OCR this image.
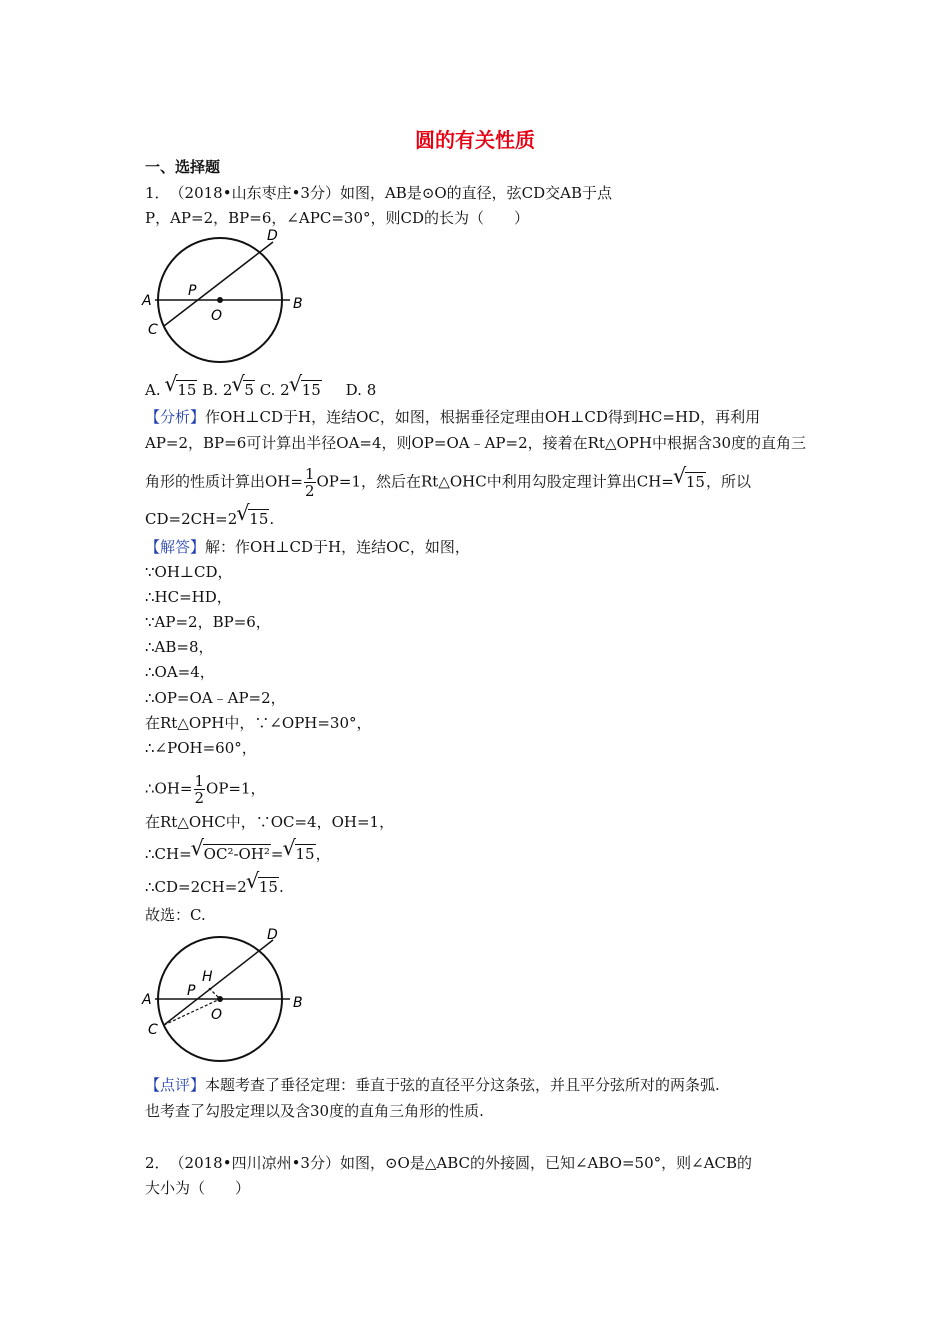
圆的有关性质
一、选择题
1．　（2018•山东枣庄•3分）如图，AB是⊙O的直径，弦CD交AB于点
P，AP=2，BP=6，∠APC=30°，则CD的长为（　　）
A	B
C
D
P
O
A. √ 15 B. 2 √ 5 C. 2 √ 15 D. 8
【分析】作OH⊥CD于H，连结OC，如图，根据垂径定理由OH⊥CD得到HC=HD，再利用
AP=2，BP=6可计算出半径OA=4，则OP=OA﹣AP=2，接着在Rt△OPH中根据含30度的直角三
角形的性质计算出$OH= \frac{1}{2} OP=1$，然后在Rt△OHC中利用勾股定理计算出CH= √ 15，所以
CD=2CH=2 √ 15.
【解答】解：作OH⊥CD于H，连结OC，如图，
∵OH⊥CD，
∴HC=HD，
∵AP=2，BP=6，
∴AB=8，
∴OA=4，
∴OP=OA﹣AP=2，
在Rt△OPH中，∵∠OPH=30°，
∴∠POH=60°，
∴OH= $\frac{1}{2} OP=1$，
在Rt△OHC中，∵OC=4，OH=1，
∴CH= √ OC²-OH²= √ 15，
∴CD=2CH=2 √ 15.
故选：C.
A	B
C
D
P
H
O
【点评】本题考查了垂径定理：垂直于弦的直径平分这条弦，并且平分弦所对的两条弧.
也考查了勾股定理以及含30度的直角三角形的性质.
2．　（2018•四川凉州•3分）如图，⊙O是△ABC的外接圆，已知∠ABO=50°，则∠ACB的
大小为（　　）
